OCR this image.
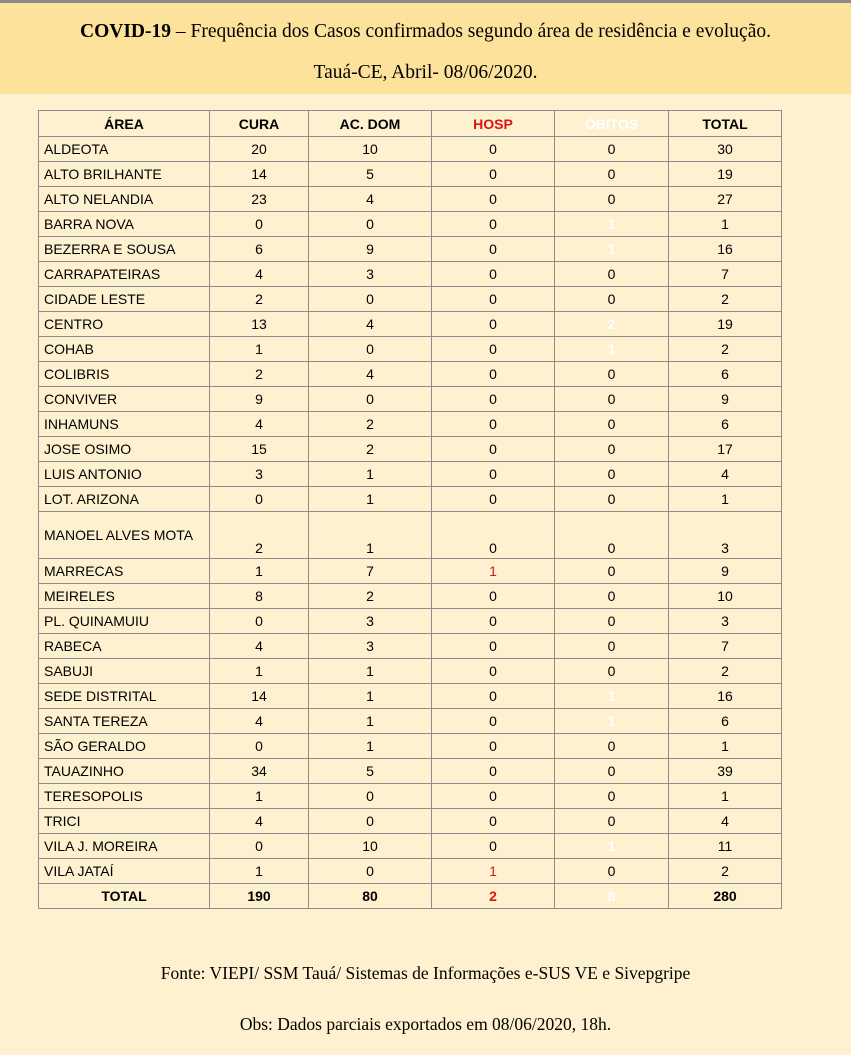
COVID-19 – Frequência dos Casos confirmados segundo área de residência e evolução.
Tauá-CE, Abril- 08/06/2020.
ÁREA	CURA	AC. DOM	HOSP	ÓBITOS	TOTAL
ALDEOTA	20	10	0	0	30
ALTO BRILHANTE	14	5	0	0	19
ALTO NELANDIA	23	4	0	0	27
BARRA NOVA	0	0	0	1	1
BEZERRA E SOUSA	6	9	0	1	16
CARRAPATEIRAS	4	3	0	0	7
CIDADE LESTE	2	0	0	0	2
CENTRO	13	4	0	2	19
COHAB	1	0	0	1	2
COLIBRIS	2	4	0	0	6
CONVIVER	9	0	0	0	9
INHAMUNS	4	2	0	0	6
JOSE OSIMO	15	2	0	0	17
LUIS ANTONIO	3	1	0	0	4
LOT. ARIZONA	0	1	0	0	1
MANOEL ALVES MOTA	2	1	0	0	3
MARRECAS	1	7	1	0	9
MEIRELES	8	2	0	0	10
PL. QUINAMUIU	0	3	0	0	3
RABECA	4	3	0	0	7
SABUJI	1	1	0	0	2
SEDE DISTRITAL	14	1	0	1	16
SANTA TEREZA	4	1	0	1	6
SÃO GERALDO	0	1	0	0	1
TAUAZINHO	34	5	0	0	39
TERESOPOLIS	1	0	0	0	1
TRICI	4	0	0	0	4
VILA J. MOREIRA	0	10	0	1	11
VILA JATAÍ	1	0	1	0	2
TOTAL	190	80	2	8	280
Fonte: VIEPI/ SSM Tauá/ Sistemas de Informações e-SUS VE e Sivepgripe
Obs: Dados parciais exportados em 08/06/2020, 18h.
